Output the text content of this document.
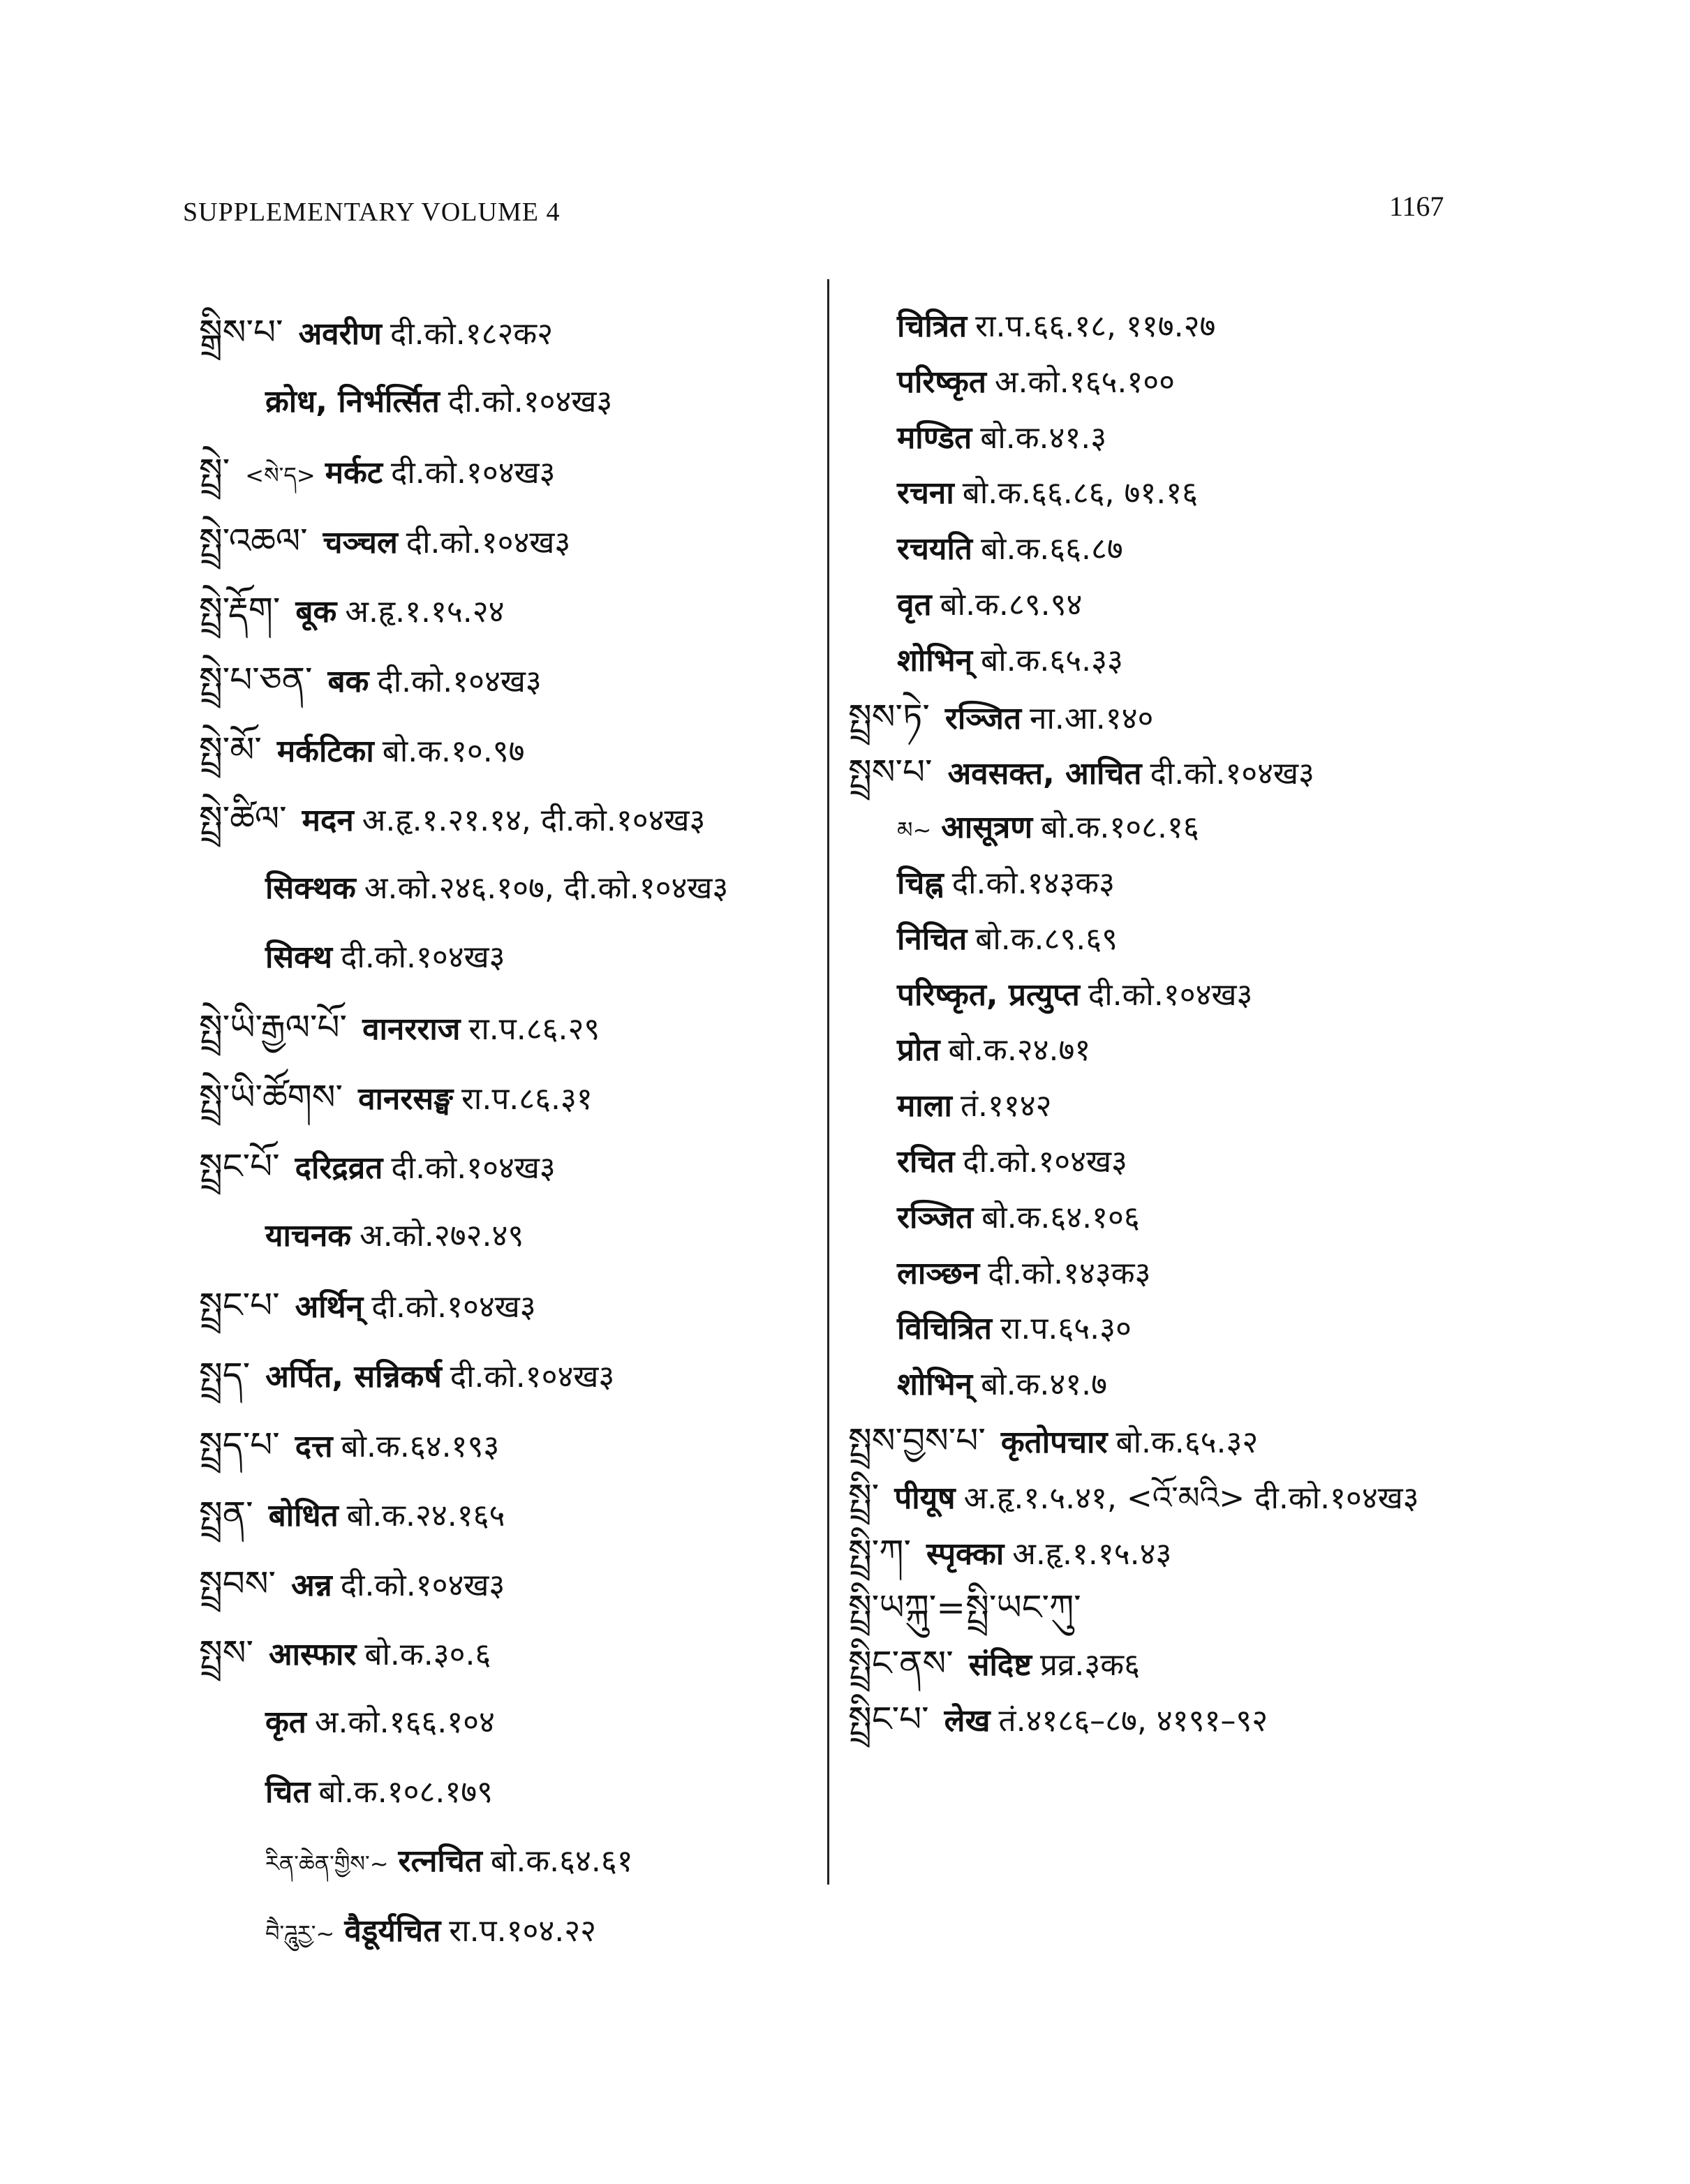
SUPPLEMENTARY VOLUME 4	1167
སྒྲིས་པ་ अवरीण दी.को.१८२क२
क्रोध, निर्भर्त्सित दी.को.१०४ख३
སྤྲེ་ <སེ་ད> मर्कट दी.को.१०४ख३
སྤྲེ་འཆལ་ चञ्चल दी.को.१०४ख३
སྤྲེ་རྡོག་ बूक अ.हृ.१.१५.२४
སྤྲེ་པ་ཅན་ बक दी.को.१०४ख३
སྤྲེ་མོ་ मर्कटिका बो.क.१०.९७
སྤྲེ་ཚིལ་ मदन अ.हृ.१.२१.१४, दी.को.१०४ख३
सिक्थक अ.को.२४६.१०७, दी.को.१०४ख३
सिक्थ दी.को.१०४ख३
སྤྲེ་ཡི་རྒྱལ་པོ་ वानरराज रा.प.८६.२९
སྤྲེ་ཡི་ཚོགས་ वानरसङ्घ रा.प.८६.३१
སྤྲང་པོ་ दरिद्रव्रत दी.को.१०४ख३
याचनक अ.को.२७२.४९
སྤྲང་པ་ अर्थिन् दी.को.१०४ख३
སྤྲད་ अर्पित, सन्निकर्ष दी.को.१०४ख३
སྤྲད་པ་ दत्त बो.क.६४.१९३
སྤྲན་ बोधित बो.क.२४.१६५
སྤྲབས་ अन्न दी.को.१०४ख३
སྤྲས་ आस्फार बो.क.३०.६
कृत अ.को.१६६.१०४
चित बो.क.१०८.१७९
རིན་ཆེན་གྱིས་~ रत्नचित बो.क.६४.६१
བཻ་ཌཱུརྱ་~ वैडूर्यचित रा.प.१०४.२२
चित्रित रा.प.६६.१८, ११७.२७
परिष्कृत अ.को.१६५.१००
मण्डित बो.क.४१.३
रचना बो.क.६६.८६, ७१.१६
रचयति बो.क.६६.८७
वृत बो.क.८९.९४
शोभिन् बो.क.६५.३३
སྤྲས་ཏེ་ रञ्जित ना.आ.१४०
སྤྲས་པ་ अवसक्त, आचित दी.को.१०४ख३
མ~ आसूत्रण बो.क.१०८.१६
चिह्न दी.को.१४३क३
निचित बो.क.८९.६९
परिष्कृत, प्रत्युप्त दी.को.१०४ख३
प्रोत बो.क.२४.७१
माला तं.११४२
रचित दी.को.१०४ख३
रञ्जित बो.क.६४.१०६
लाञ्छन दी.को.१४३क३
विचित्रित रा.प.६५.३०
शोभिन् बो.क.४१.७
སྤྲས་བྱས་པ་ कृतोपचार बो.क.६५.३२
སྤྲི་ पीयूष अ.हृ.१.५.४१, <འོ་མའི> दी.को.१०४ख३
སྤྲི་ཀ་ स्पृक्का अ.हृ.१.१५.४३
སྤྲི་ཡཀྐུ་=སྤྲི་ཡང་ཀུ་
སྤྲིང་ནས་ संदिष्ट प्रव्र.३क६
སྤྲིང་པ་ लेख तं.४१८६–८७, ४१९१–९२
